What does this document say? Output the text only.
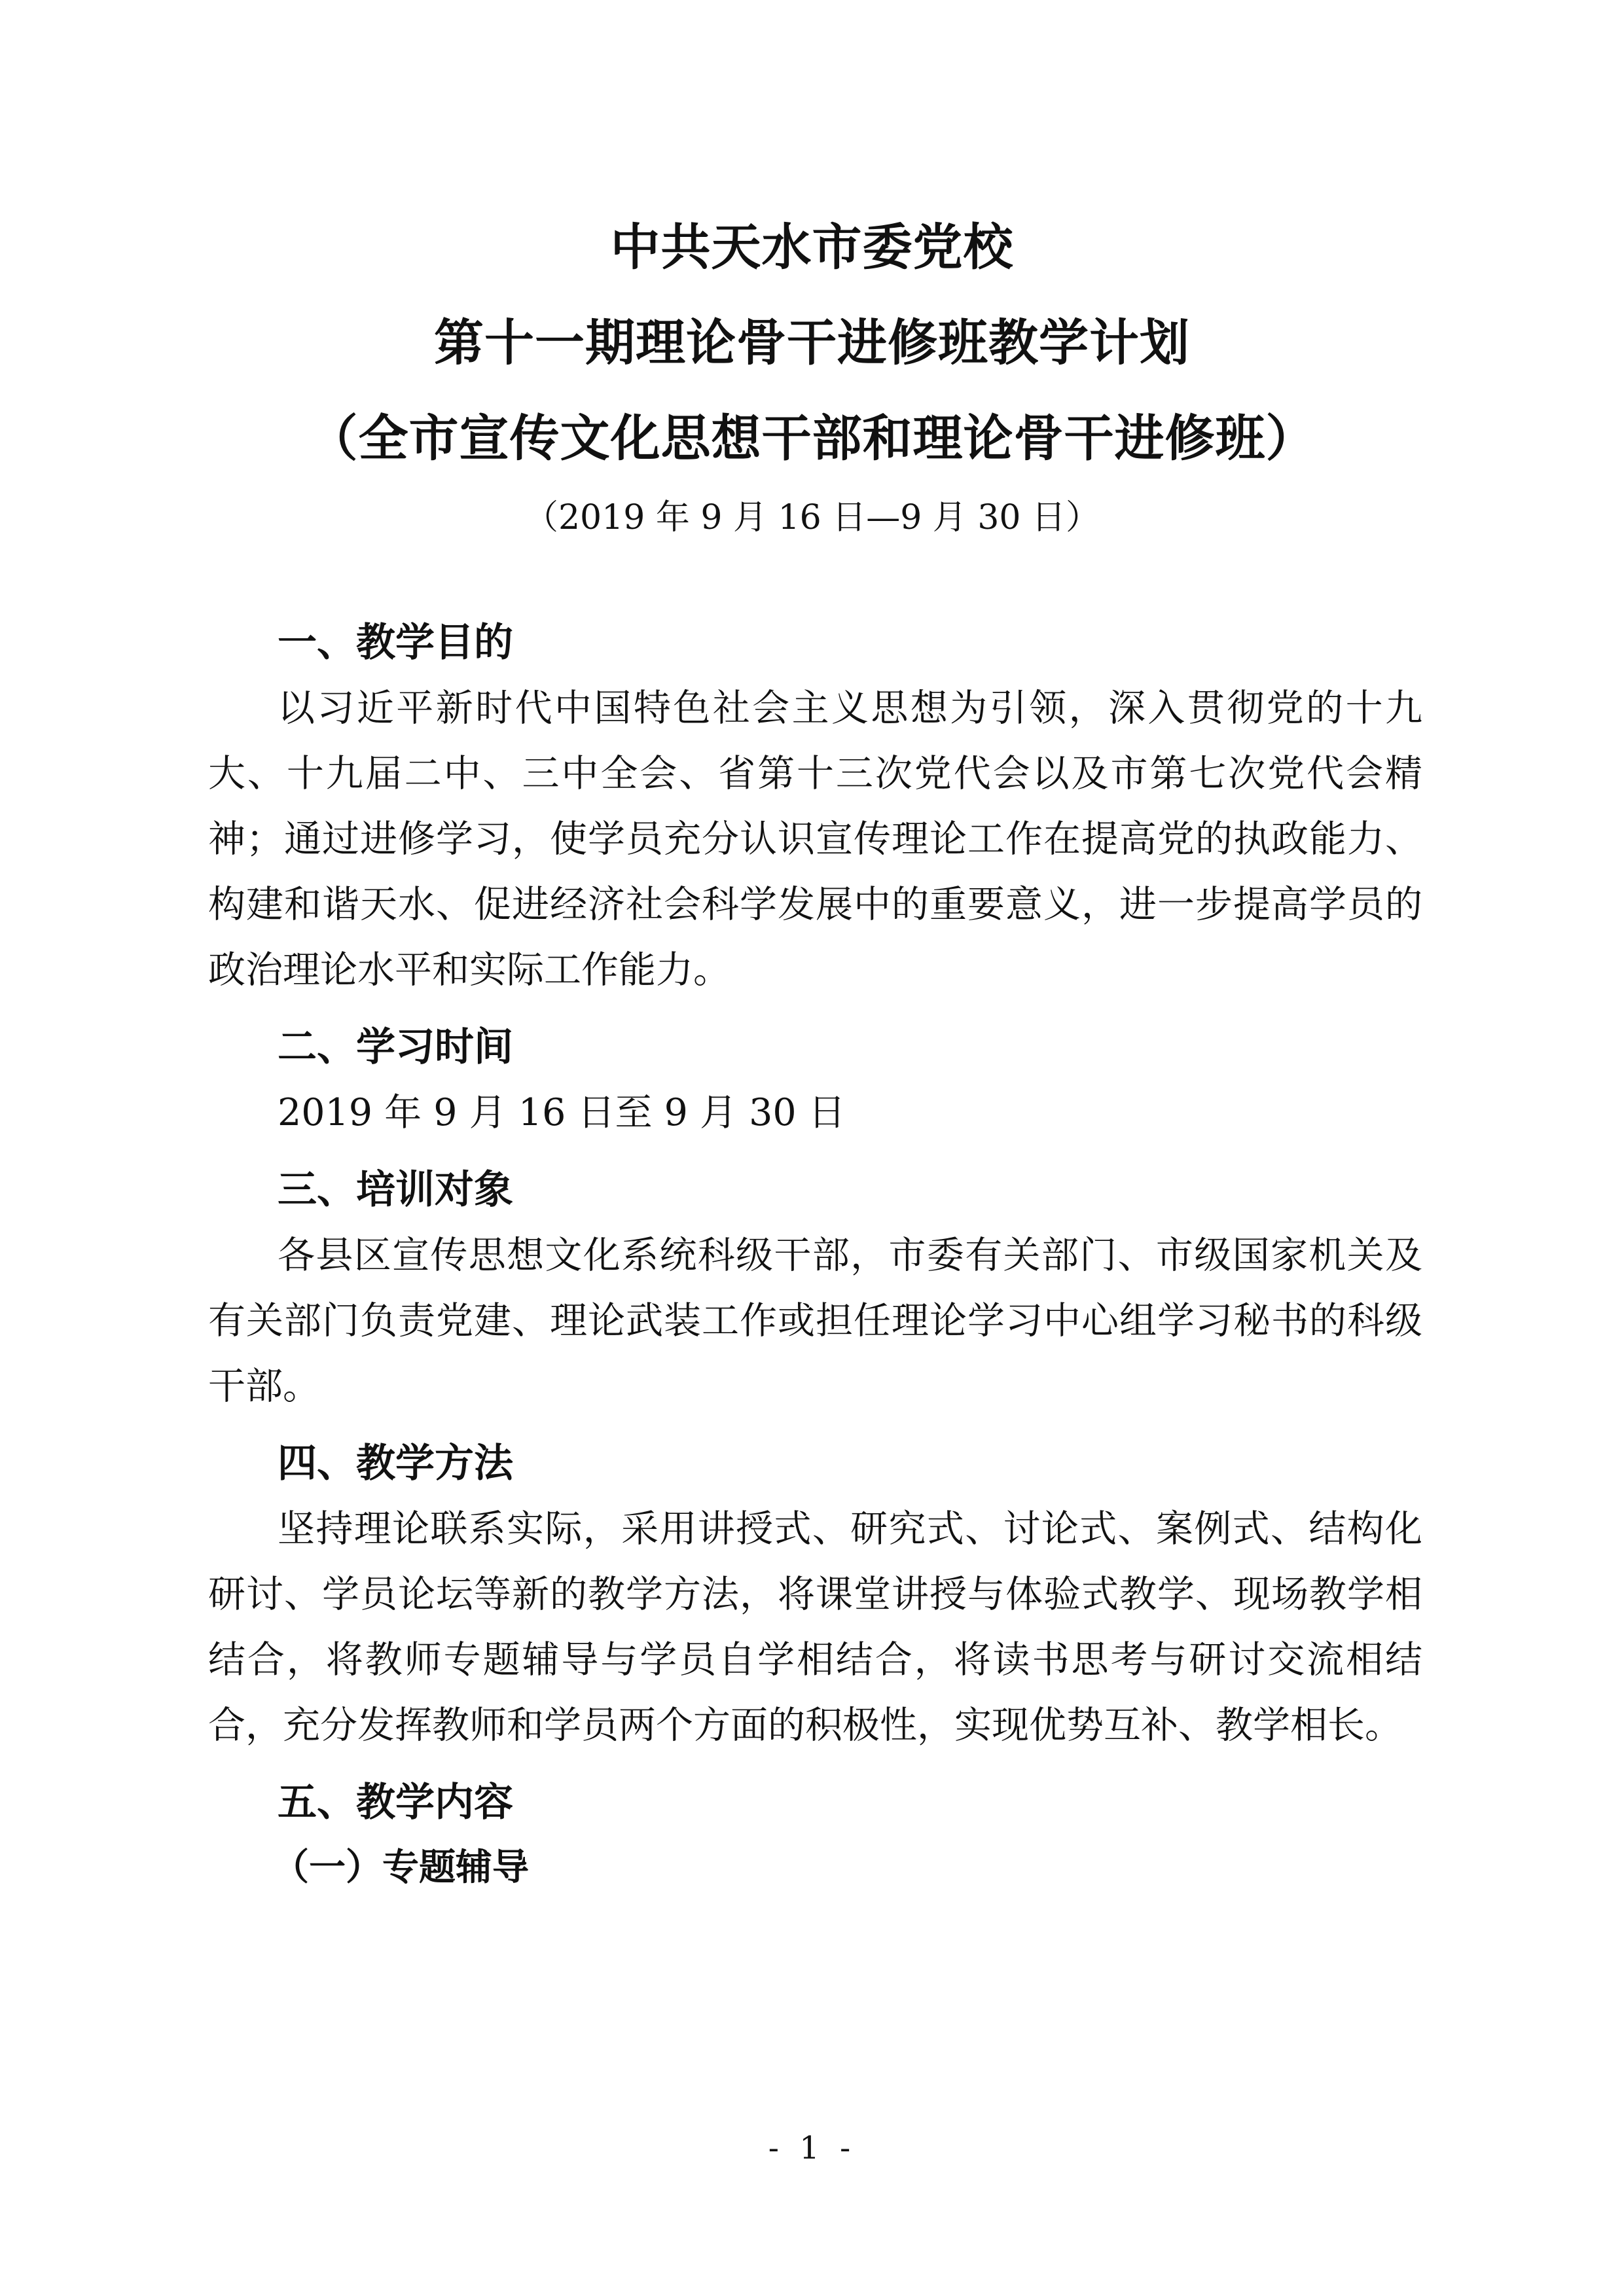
中共天水市委党校
第十一期理论骨干进修班教学计划
（全市宣传文化思想干部和理论骨干进修班）
（2019 年 9 月 16 日—9 月 30 日）
一、教学目的
以习近平新时代中国特色社会主义思想为引领，深入贯彻党的十九大、十九届二中、三中全会、省第十三次党代会以及市第七次党代会精神；通过进修学习，使学员充分认识宣传理论工作在提高党的执政能力、构建和谐天水、促进经济社会科学发展中的重要意义，进一步提高学员的政治理论水平和实际工作能力。
二、学习时间
2019 年 9 月 16 日至 9 月 30 日
三、培训对象
各县区宣传思想文化系统科级干部，市委有关部门、市级国家机关及有关部门负责党建、理论武装工作或担任理论学习中心组学习秘书的科级干部。
四、教学方法
坚持理论联系实际，采用讲授式、研究式、讨论式、案例式、结构化研讨、学员论坛等新的教学方法，将课堂讲授与体验式教学、现场教学相结合，将教师专题辅导与学员自学相结合，将读书思考与研讨交流相结合，充分发挥教师和学员两个方面的积极性，实现优势互补、教学相长。
五、教学内容
（一）专题辅导
- 1 -
